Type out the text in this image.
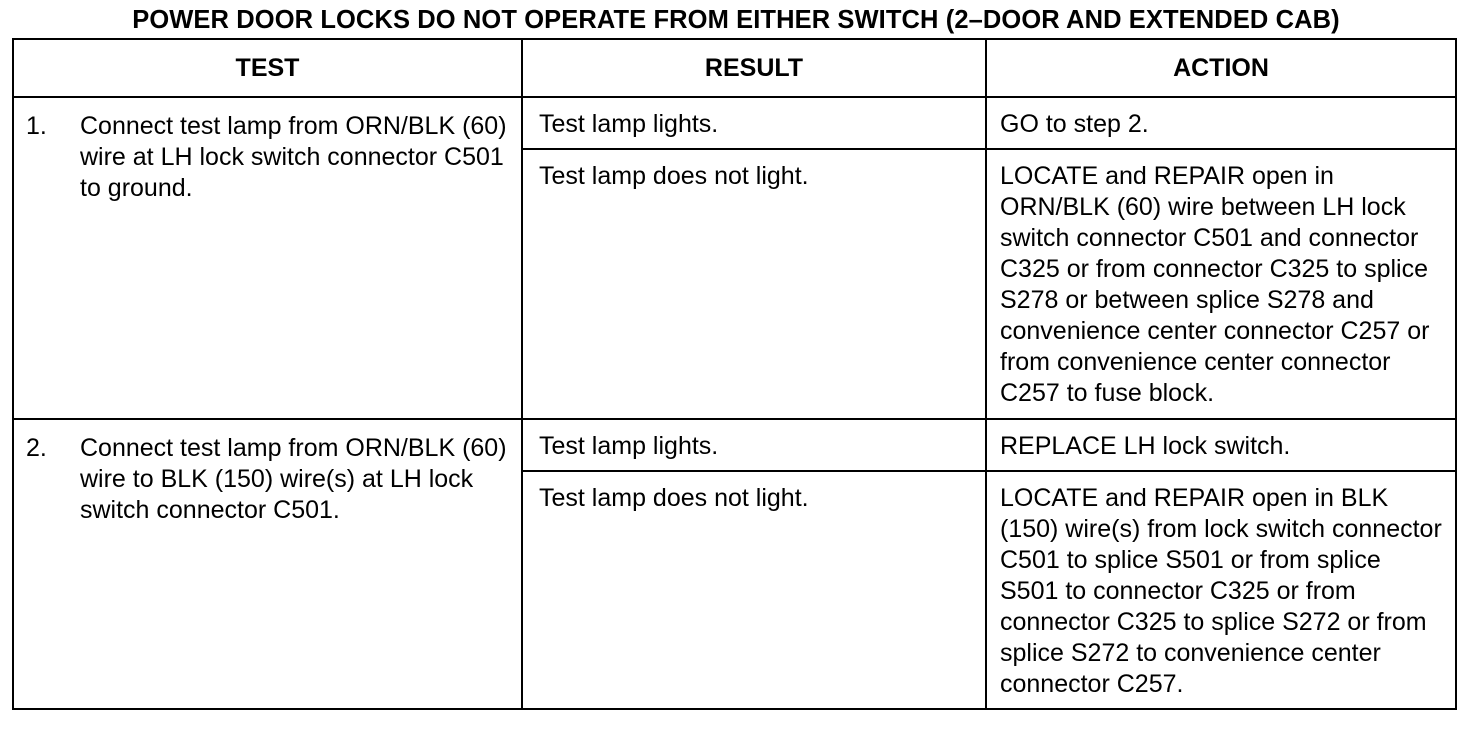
POWER DOOR LOCKS DO NOT OPERATE FROM EITHER SWITCH (2–DOOR AND EXTENDED CAB)
TEST	RESULT	ACTION

1. Connect test lamp from ORN/BLK (60) wire at LH lock switch connector C501 to ground.	Test lamp lights.	GO to step 2.

	Test lamp does not light.	LOCATE and REPAIR open in ORN/BLK (60) wire between LH lock switch connector C501 and connector C325 or from connector C325 to splice S278 or between splice S278 and convenience center connector C257 or from convenience center connector C257 to fuse block.

2. Connect test lamp from ORN/BLK (60) wire to BLK (150) wire(s) at LH lock switch connector C501.	Test lamp lights.	REPLACE LH lock switch.

	Test lamp does not light.	LOCATE and REPAIR open in BLK (150) wire(s) from lock switch connector C501 to splice S501 or from splice S501 to connector C325 or from connector C325 to splice S272 or from splice S272 to convenience center connector C257.
